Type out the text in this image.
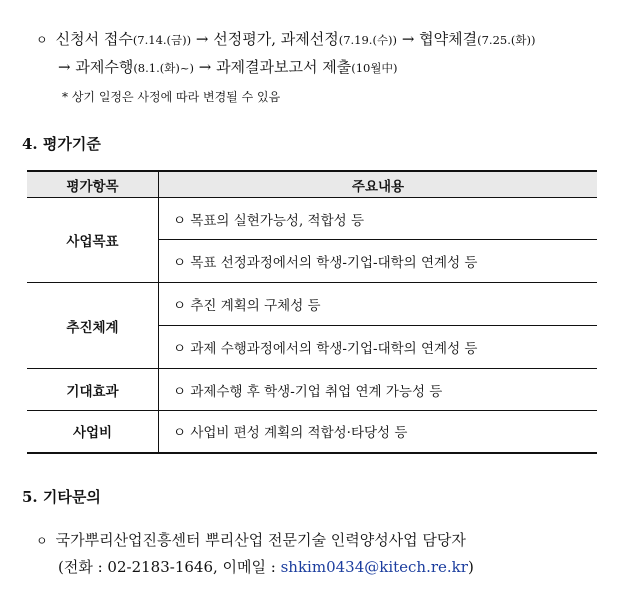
ㅇ 신청서 접수(7.14.(금)) → 선정평가, 과제선정(7.19.(수)) → 협약체결(7.25.(화))
→ 과제수행(8.1.(화)~) → 과제결과보고서 제출(10월中)
* 상기 일정은 사정에 따라 변경될 수 있음
4. 평가기준
평가항목	주요내용
사업목표	ㅇ 목표의 실현가능성, 적합성 등
	ㅇ 목표 선정과정에서의 학생-기업-대학의 연계성 등
추진체계	ㅇ 추진 계획의 구체성 등
	ㅇ 과제 수행과정에서의 학생-기업-대학의 연계성 등
기대효과	ㅇ 과제수행 후 학생-기업 취업 연계 가능성 등
사업비	ㅇ 사업비 편성 계획의 적합성·타당성 등
5. 기타문의
ㅇ 국가뿌리산업진흥센터 뿌리산업 전문기술 인력양성사업 담당자
(전화 : 02-2183-1646, 이메일 : shkim0434@kitech.re.kr)
